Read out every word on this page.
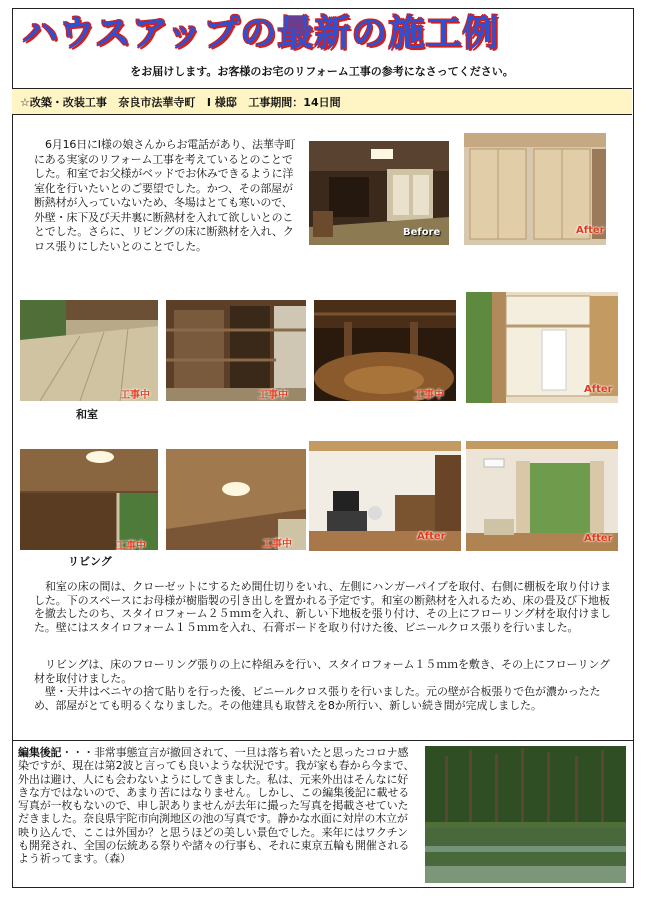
ハウスアップの最新の施工例
をお届けします。お客様のお宅のリフォーム工事の参考になさってください。
☆改築・改装工事 奈良市法華寺町 I 様邸 工事期間：14日間
6月16日にI様の娘さんからお電話があり、法華寺町にある実家のリフォーム工事を考えているとのことでした。和室でお父様がベッドでお休みできるように洋室化を行いたいとのご要望でした。かつ、その部屋が断熱材が入っていないため、冬場はとても寒いので、外壁・床下及び天井裏に断熱材を入れて欲しいとのことでした。さらに、リビングの床に断熱材を入れ、クロス張りにしたいとのことでした。
Before	After
工事中	工事中	工事中
After
和室
工事中	工事中
After	After
リビング
和室の床の間は、クローゼットにするため間仕切りをいれ、左側にハンガーパイプを取付、右側に棚板を取り付けました。下のスペースにお母様が樹脂製の引き出しを置かれる予定です。和室の断熱材を入れるため、床の畳及び下地板を撤去したのち、スタイロフォーム２５ｍｍを入れ、新しい下地板を張り付け、その上にフローリング材を取付けました。壁にはスタイロフォーム１５ｍｍを入れ、石膏ボードを取り付けた後、ビニールクロス張りを行いました。
リビングは、床のフローリング張りの上に枠組みを行い、スタイロフォーム１５ｍｍを敷き、その上にフローリング材を取付けました。
壁・天井はベニヤの捨て貼りを行った後、ビニールクロス張りを行いました。元の壁が合板張りで色が濃かったため、部屋がとても明るくなりました。その他建具も取替えを8か所行い、新しい続き間が完成しました。
編集後記・・・非常事態宣言が撤回されて、一旦は落ち着いたと思ったコロナ感染ですが、現在は第2波と言っても良いような状況です。我が家も春から今まで、外出は避け、人にも会わないようにしてきました。私は、元来外出はそんなに好きな方ではないので、あまり苦にはなりません。しかし、この編集後記に載せる写真が一枚もないので、申し訳ありませんが去年に撮った写真を掲載させていただきました。奈良県宇陀市向渕地区の池の写真です。静かな水面に対岸の木立が映り込んで、ここは外国か？と思うほどの美しい景色でした。来年にはワクチンも開発され、全国の伝統ある祭りや諸々の行事も、それに東京五輪も開催されるよう祈ってます。（森）
